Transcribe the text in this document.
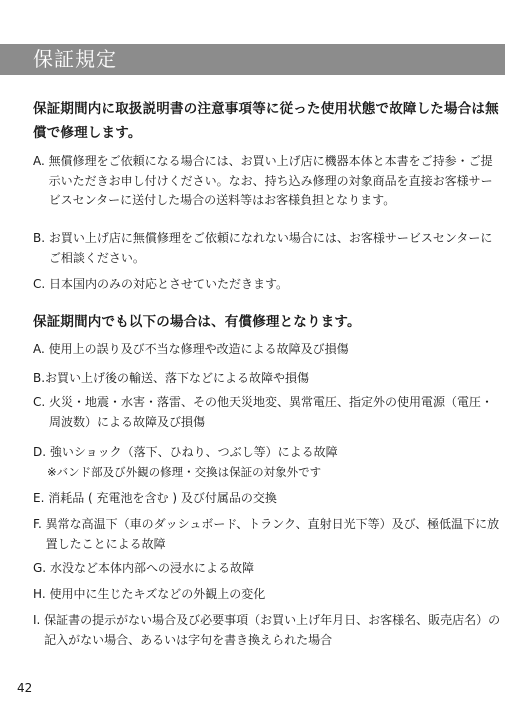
保証規定
保証期間内に取扱説明書の注意事項等に従った使用状態で故障した場合は無償で修理します。
A. 無償修理をご依頼になる場合には、お買い上げ店に機器本体と本書をご持参・ご提示いただきお申し付けください。なお、持ち込み修理の対象商品を直接お客様サービスセンターに送付した場合の送料等はお客様負担となります。
B. お買い上げ店に無償修理をご依頼になれない場合には、お客様サービスセンターにご相談ください。
C. 日本国内のみの対応とさせていただきます。
保証期間内でも以下の場合は、有償修理となります。
A. 使用上の誤り及び不当な修理や改造による故障及び損傷
B. お買い上げ後の輸送、落下などによる故障や損傷
C. 火災・地震・水害・落雷、その他天災地変、異常電圧、指定外の使用電源（電圧・周波数）による故障及び損傷
D. 強いショック（落下、ひねり、つぶし等）による故障
※バンド部及び外観の修理・交換は保証の対象外です
E. 消耗品 ( 充電池を含む ) 及び付属品の交換
F. 異常な高温下（車のダッシュボード、トランク、直射日光下等）及び、極低温下に放置したことによる故障
G. 水没など本体内部への浸水による故障
H. 使用中に生じたキズなどの外観上の変化
I. 保証書の提示がない場合及び必要事項（お買い上げ年月日、お客様名、販売店名）の記入がない場合、あるいは字句を書き換えられた場合
42
